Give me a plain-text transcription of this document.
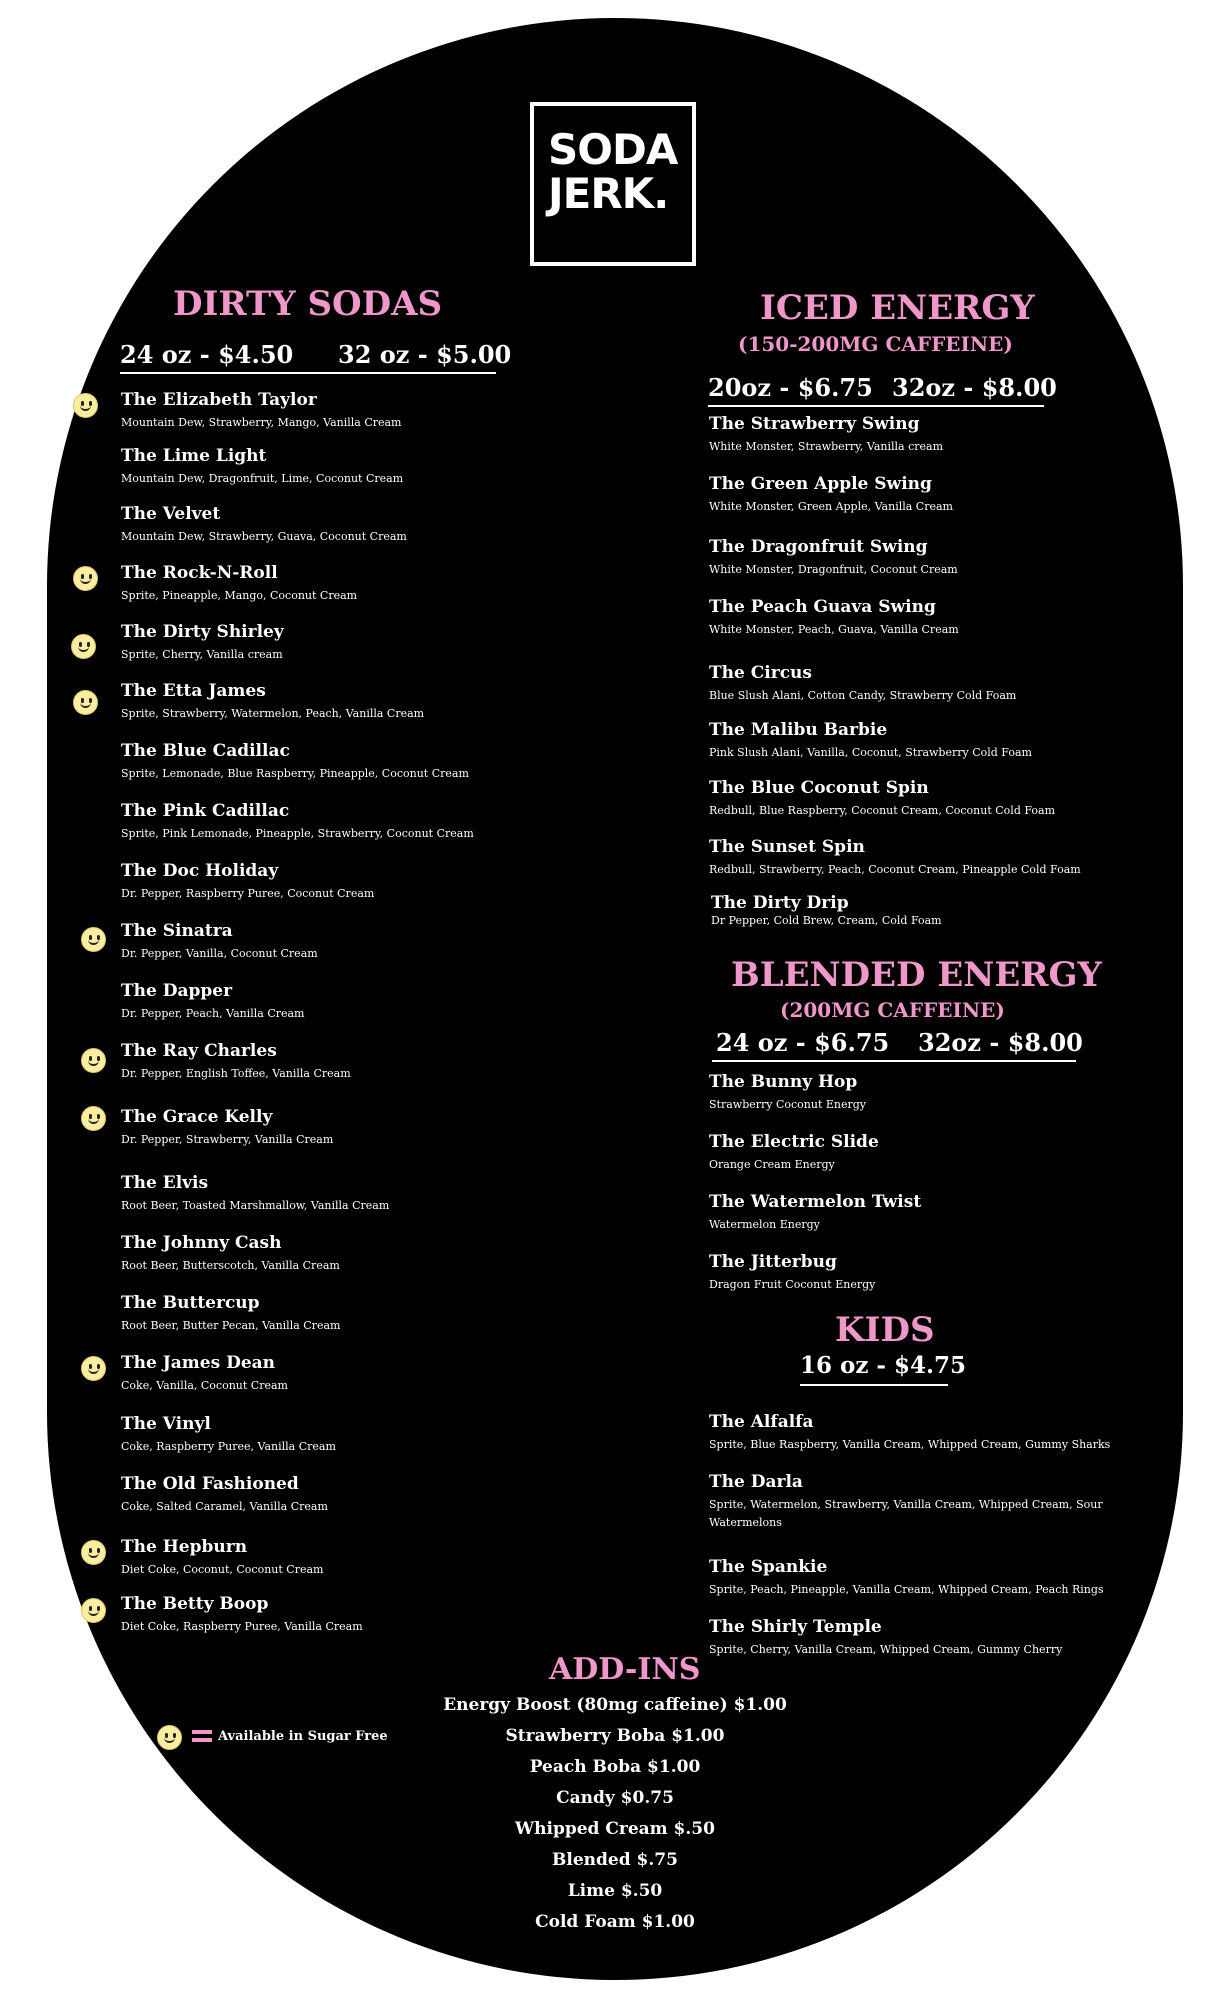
SODA
JERK.
DIRTY SODAS
24 oz - $4.50 32 oz - $5.00
The Elizabeth Taylor
Mountain Dew, Strawberry, Mango, Vanilla Cream
The Lime Light
Mountain Dew, Dragonfruit, Lime, Coconut Cream
The Velvet
Mountain Dew, Strawberry, Guava, Coconut Cream
The Rock-N-Roll
Sprite, Pineapple, Mango, Coconut Cream
The Dirty Shirley
Sprite, Cherry, Vanilla cream
The Etta James
Sprite, Strawberry, Watermelon, Peach, Vanilla Cream
The Blue Cadillac
Sprite, Lemonade, Blue Raspberry, Pineapple, Coconut Cream
The Pink Cadillac
Sprite, Pink Lemonade, Pineapple, Strawberry, Coconut Cream
The Doc Holiday
Dr. Pepper, Raspberry Puree, Coconut Cream
The Sinatra
Dr. Pepper, Vanilla, Coconut Cream
The Dapper
Dr. Pepper, Peach, Vanilla Cream
The Ray Charles
Dr. Pepper, English Toffee, Vanilla Cream
The Grace Kelly
Dr. Pepper, Strawberry, Vanilla Cream
The Elvis
Root Beer, Toasted Marshmallow, Vanilla Cream
The Johnny Cash
Root Beer, Butterscotch, Vanilla Cream
The Buttercup
Root Beer, Butter Pecan, Vanilla Cream
The James Dean
Coke, Vanilla, Coconut Cream
The Vinyl
Coke, Raspberry Puree, Vanilla Cream
The Old Fashioned
Coke, Salted Caramel, Vanilla Cream
The Hepburn
Diet Coke, Coconut, Coconut Cream
The Betty Boop
Diet Coke, Raspberry Puree, Vanilla Cream
ICED ENERGY
(150-200MG CAFFEINE)
20oz - $6.75 32oz - $8.00
The Strawberry Swing
White Monster, Strawberry, Vanilla cream
The Green Apple Swing
White Monster, Green Apple, Vanilla Cream
The Dragonfruit Swing
White Monster, Dragonfruit, Coconut Cream
The Peach Guava Swing
White Monster, Peach, Guava, Vanilla Cream
The Circus
Blue Slush Alani, Cotton Candy, Strawberry Cold Foam
The Malibu Barbie
Pink Slush Alani, Vanilla, Coconut, Strawberry Cold Foam
The Blue Coconut Spin
Redbull, Blue Raspberry, Coconut Cream, Coconut Cold Foam
The Sunset Spin
Redbull, Strawberry, Peach, Coconut Cream, Pineapple Cold Foam
The Dirty Drip
Dr Pepper, Cold Brew, Cream, Cold Foam
BLENDED ENERGY
(200MG CAFFEINE)
24 oz - $6.75 32oz - $8.00
The Bunny Hop
Strawberry Coconut Energy
The Electric Slide
Orange Cream Energy
The Watermelon Twist
Watermelon Energy
The Jitterbug
Dragon Fruit Coconut Energy
KIDS
16 oz - $4.75
The Alfalfa
Sprite, Blue Raspberry, Vanilla Cream, Whipped Cream, Gummy Sharks
The Darla
Sprite, Watermelon, Strawberry, Vanilla Cream, Whipped Cream, Sour
Watermelons
The Spankie
Sprite, Peach, Pineapple, Vanilla Cream, Whipped Cream, Peach Rings
The Shirly Temple
Sprite, Cherry, Vanilla Cream, Whipped Cream, Gummy Cherry
ADD-INS
Energy Boost (80mg caffeine) $1.00
Strawberry Boba $1.00
Peach Boba $1.00
Candy $0.75
Whipped Cream $.50
Blended $.75
Lime $.50
Cold Foam $1.00
Available in Sugar Free
